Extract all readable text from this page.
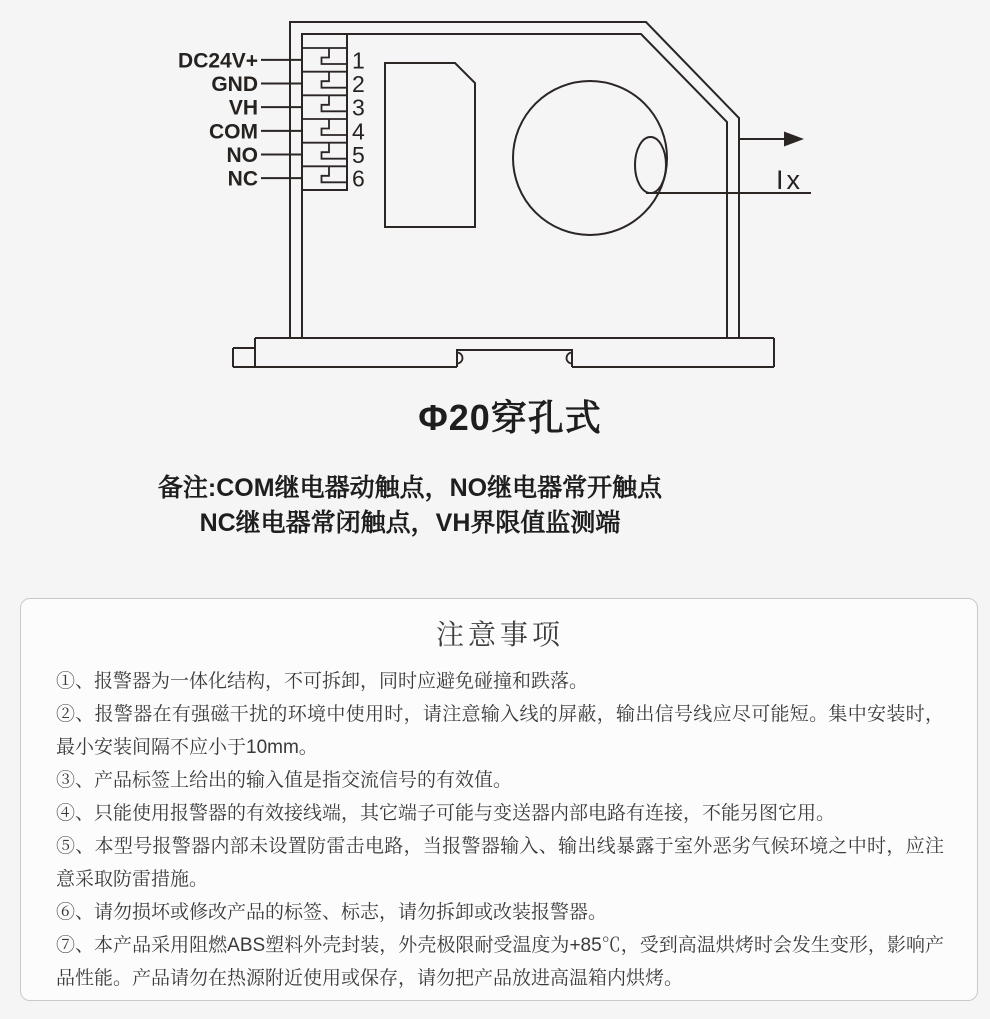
1
DC24V+
2
GND
3
VH
4
COM
5
NO
6
NC	Ix
Φ20穿孔式
备注:COM继电器动触点，NO继电器常开触点
NC继电器常闭触点，VH界限值监测端
注意事项

①、报警器为一体化结构，不可拆卸，同时应避免碰撞和跌落。

②、报警器在有强磁干扰的环境中使用时，请注意输入线的屏蔽，输出信号线应尽可能短。集中安装时，最小安装间隔不应小于10mm。

③、产品标签上给出的输入值是指交流信号的有效值。

④、只能使用报警器的有效接线端，其它端子可能与变送器内部电路有连接，不能另图它用。

⑤、本型号报警器内部未设置防雷击电路，当报警器输入、输出线暴露于室外恶劣气候环境之中时，应注意采取防雷措施。

⑥、请勿损坏或修改产品的标签、标志，请勿拆卸或改装报警器。

⑦、本产品采用阻燃ABS塑料外壳封装，外壳极限耐受温度为+85℃，受到高温烘烤时会发生变形，影响产品性能。产品请勿在热源附近使用或保存，请勿把产品放进高温箱内烘烤。
